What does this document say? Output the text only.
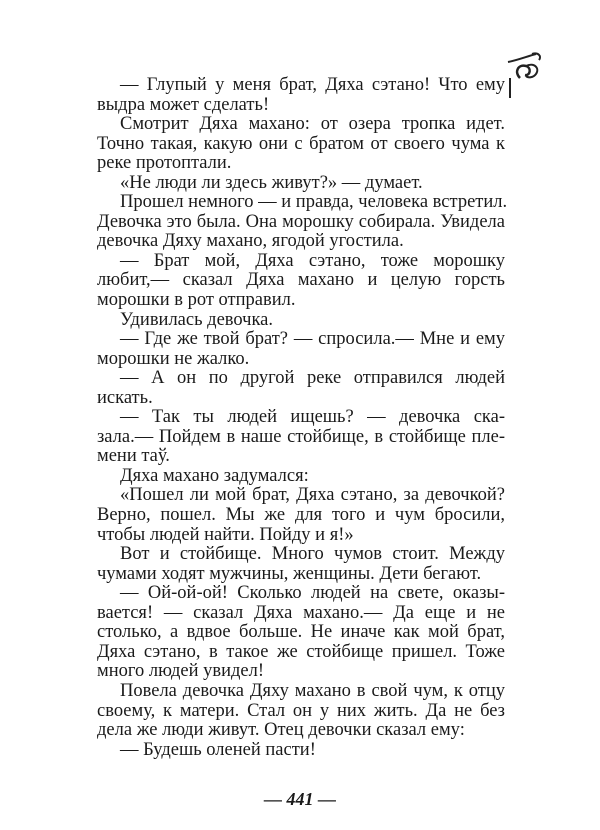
— Глупый у меня брат, Дяха сэтано! Что ему
выдра может сделать!
Смотрит Дяха махано: от озера тропка идет.
Точно такая, какую они с братом от своего чума к
реке протоптали.
«Не люди ли здесь живут?» — думает.
Прошел немного — и правда, человека встретил.
Девочка это была. Она морошку собирала. Увидела
девочка Дяху махано, ягодой угостила.
— Брат мой, Дяха сэтано, тоже морошку
любит,— сказал Дяха махано и целую горсть
морошки в рот отправил.
Удивилась девочка.
— Где же твой брат? — спросила.— Мне и ему
морошки не жалко.
— А он по другой реке отправился людей
искать.
— Так ты людей ищешь? — девочка ска-
зала.— Пойдем в наше стойбище, в стойбище пле-
мени таў.
Дяха махано задумался:
«Пошел ли мой брат, Дяха сэтано, за девочкой?
Верно, пошел. Мы же для того и чум бросили,
чтобы людей найти. Пойду и я!»
Вот и стойбище. Много чумов стоит. Между
чумами ходят мужчины, женщины. Дети бегают.
— Ой-ой-ой! Сколько людей на свете, оказы-
вается! — сказал Дяха махано.— Да еще и не
столько, а вдвое больше. Не иначе как мой брат,
Дяха сэтано, в такое же стойбище пришел. Тоже
много людей увидел!
Повела девочка Дяху махано в свой чум, к отцу
своему, к матери. Стал он у них жить. Да не без
дела же люди живут. Отец девочки сказал ему:
— Будешь оленей пасти!
— 441 —
